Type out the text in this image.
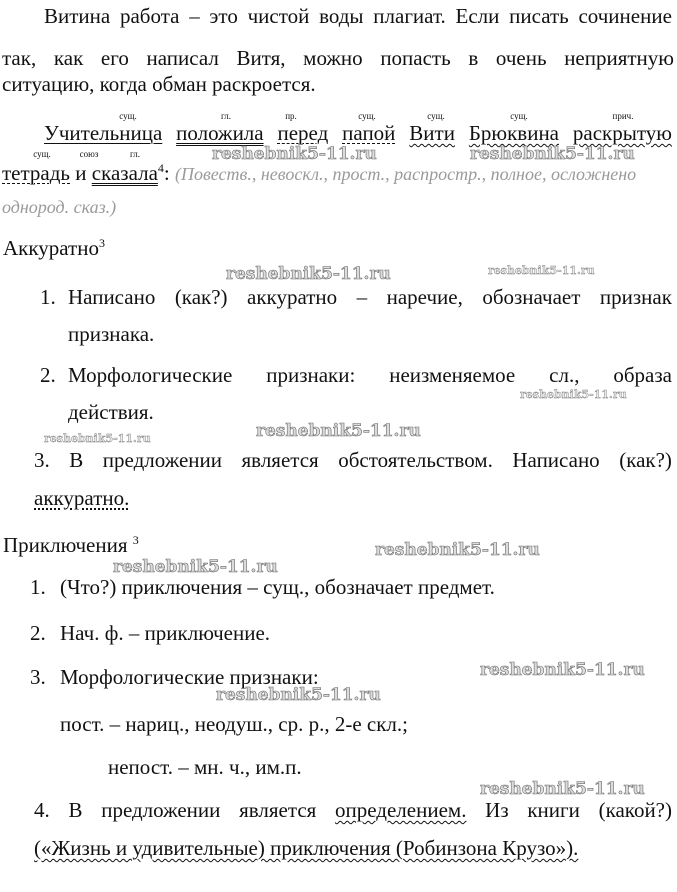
Витина работа – это чистой воды плагиат. Если писать сочинение
так, как его написал Витя, можно попасть в очень неприятную
ситуацию, когда обман раскроется.
сущ.	гл.	пр.	сущ.	сущ.	сущ.	прич.
Учительница положила перед папой Вити Брюквина раскрытую
сущ.	союз	гл.
тетрадь и сказала$^4$: (Повеств., невоскл., прост., распростр., полное, осложнено
однород. сказ.)
Аккуратно$^3$
1. Написано (как?) аккуратно – наречие, обозначает признак
признака.
2. Морфологические признаки: неизменяемое сл., образа
действия.
3. В предложении является обстоятельством. Написано (как?)
аккуратно.
Приключения $^3$
1. (Что?) приключения – сущ., обозначает предмет.
2. Нач. ф. – приключение.
3. Морфологические признаки:
пост. – нариц., неодуш., ср. р., 2-е скл.;
непост. – мн. ч., им.п.
4. В предложении является определением. Из книги (какой?)
(«Жизнь и удивительные) приключения (Робинзона Крузо»).
reshebnik5-11.ru	reshebnik5-11.ru
reshebnik5-11.ru	reshebnik5-11.ru
reshebnik5-11.ru
reshebnik5-11.ru
reshebnik5-11.ru
reshebnik5-11.ru
reshebnik5-11.ru
reshebnik5-11.ru
reshebnik5-11.ru
reshebnik5-11.ru
